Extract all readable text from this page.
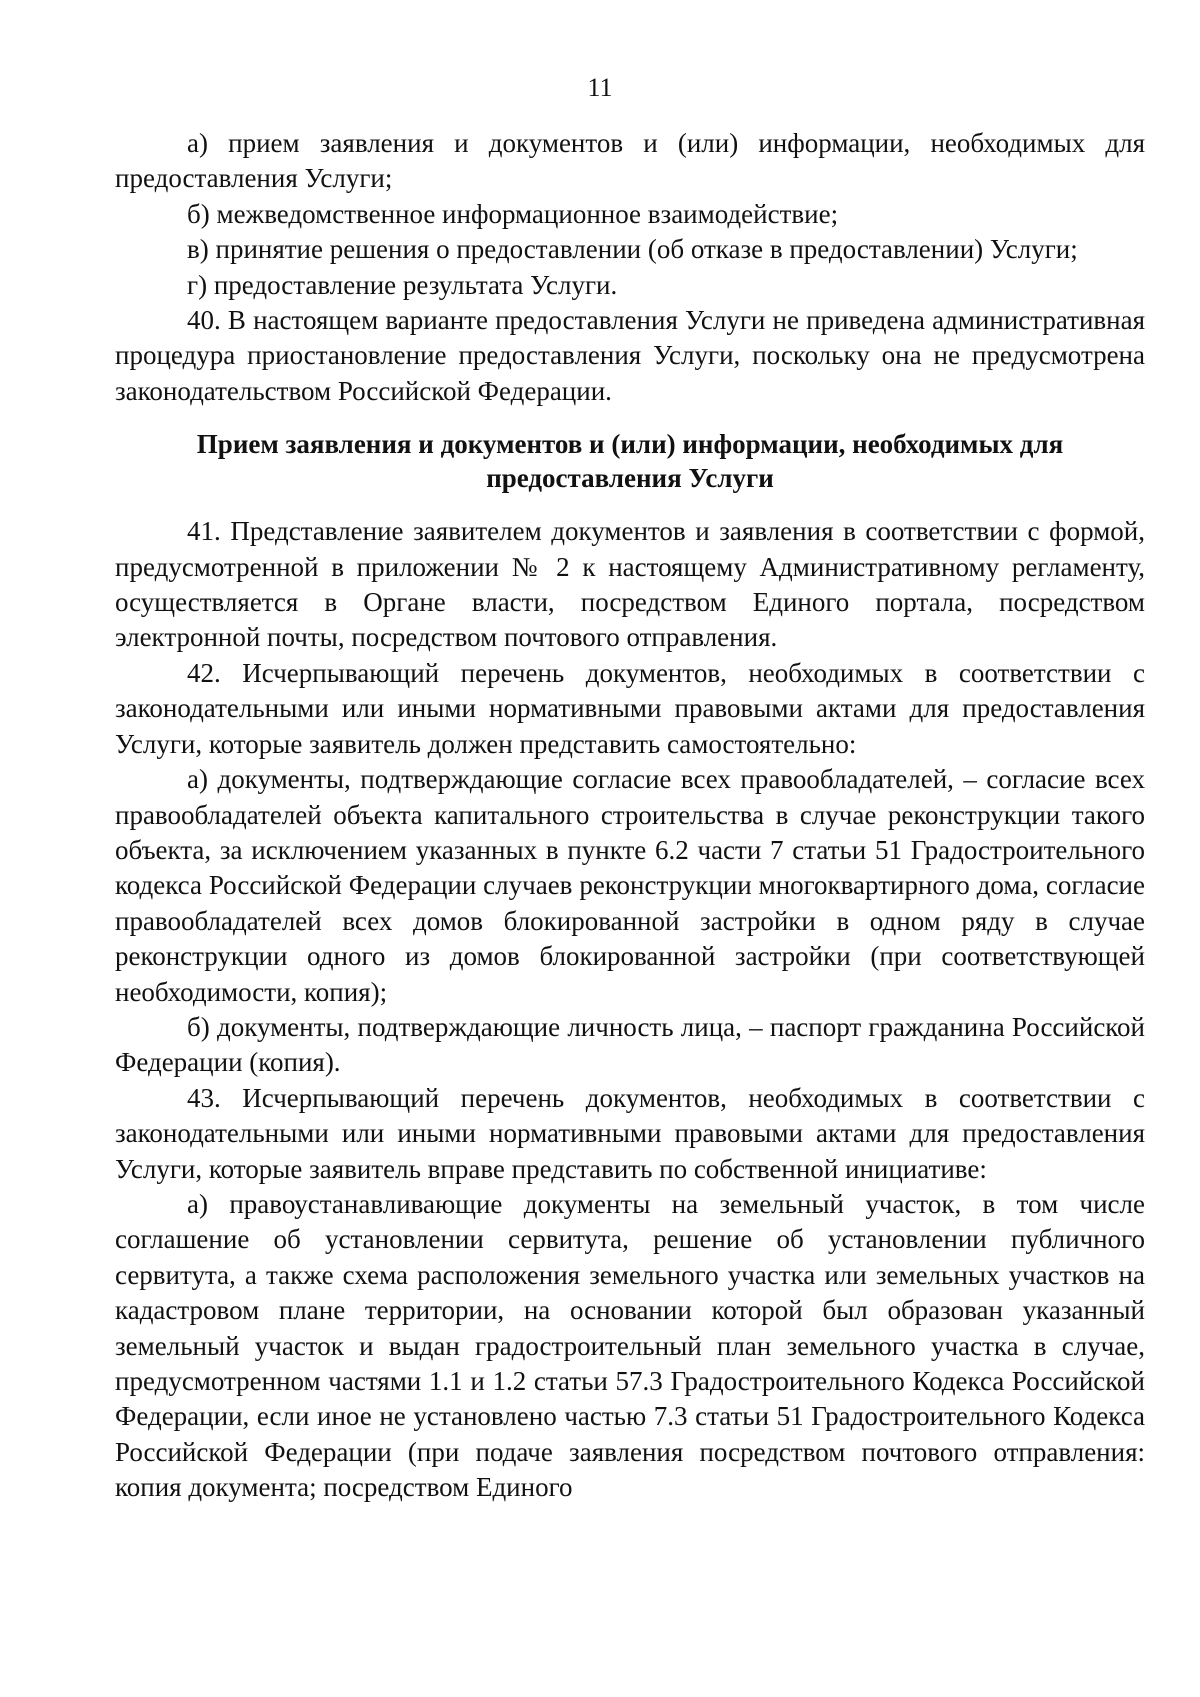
11

а) прием заявления и документов и (или) информации, необходимых для предоставления Услуги;

б) межведомственное информационное взаимодействие;

в) принятие решения о предоставлении (об отказе в предоставлении) Услуги;

г) предоставление результата Услуги.

40. В настоящем варианте предоставления Услуги не приведена административная процедура приостановление предоставления Услуги, поскольку она не предусмотрена законодательством Российской Федерации.

Прием заявления и документов и (или) информации, необходимых для предоставления Услуги

41. Представление заявителем документов и заявления в соответствии с формой, предусмотренной в приложении № 2 к настоящему Административному регламенту, осуществляется в Органе власти, посредством Единого портала, посредством электронной почты, посредством почтового отправления.

42. Исчерпывающий перечень документов, необходимых в соответствии с законодательными или иными нормативными правовыми актами для предоставления Услуги, которые заявитель должен представить самостоятельно:

а) документы, подтверждающие согласие всех правообладателей, – согласие всех правообладателей объекта капитального строительства в случае реконструкции такого объекта, за исключением указанных в пункте 6.2 части 7 статьи 51 Градостроительного кодекса Российской Федерации случаев реконструкции многоквартирного дома, согласие правообладателей всех домов блокированной застройки в одном ряду в случае реконструкции одного из домов блокированной застройки (при соответствующей необходимости, копия);

б) документы, подтверждающие личность лица, – паспорт гражданина Российской Федерации (копия).

43. Исчерпывающий перечень документов, необходимых в соответствии с законодательными или иными нормативными правовыми актами для предоставления Услуги, которые заявитель вправе представить по собственной инициативе:

а) правоустанавливающие документы на земельный участок, в том числе соглашение об установлении сервитута, решение об установлении публичного сервитута, а также схема расположения земельного участка или земельных участков на кадастровом плане территории, на основании которой был образован указанный земельный участок и выдан градостроительный план земельного участка в случае, предусмотренном частями 1.1 и 1.2 статьи 57.3 Градостроительного Кодекса Российской Федерации, если иное не установлено частью 7.3 статьи 51 Градостроительного Кодекса Российской Федерации (при подаче заявления посредством почтового отправления: копия документа; посредством Единого
